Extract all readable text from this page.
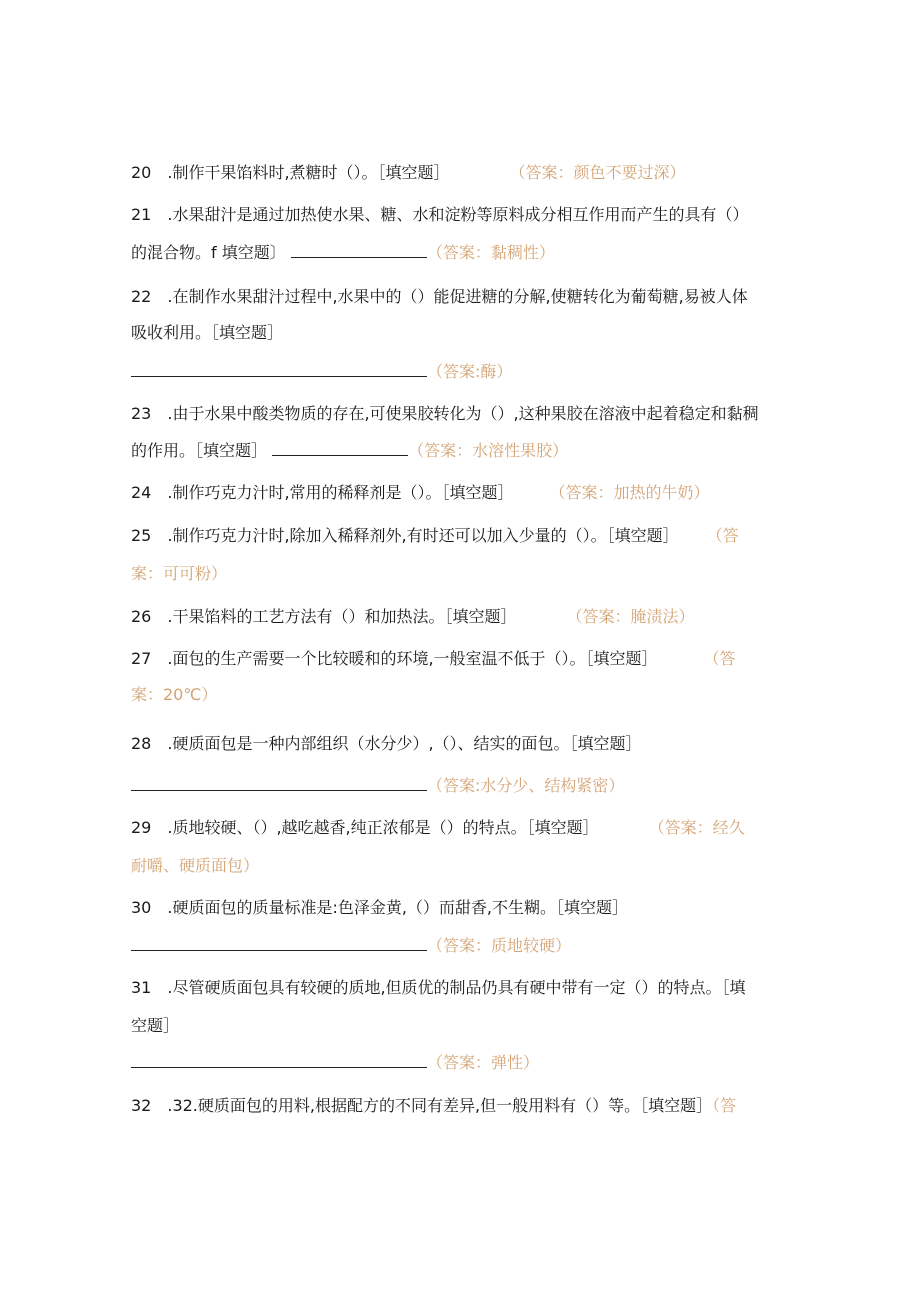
20　.制作干果馅料时,煮糖时（）。［填空题］	（答案：颜色不要过深）
21　.水果甜汁是通过加热使水果、糖、水和淀粉等原料成分相互作用而产生的具有（）
的混合物。f 填空题〕	（答案：黏稠性）
22　.在制作水果甜汁过程中,水果中的（）能促进糖的分解,使糖转化为葡萄糖,易被人体
吸收利用。［填空题］
（答案:酶）
23　.由于水果中酸类物质的存在,可使果胶转化为（）,这种果胶在溶液中起着稳定和黏稠
的作用。［填空题］	（答案：水溶性果胶）
24　.制作巧克力汁时,常用的稀释剂是（）。［填空题］ （答案：加热的牛奶）
25　.制作巧克力汁时,除加入稀释剂外,有时还可以加入少量的（）。［填空题］ （答
案：可可粉）
26　.干果馅料的工艺方法有（）和加热法。［填空题］	（答案：腌渍法）
27　.面包的生产需要一个比较暖和的环境,一般室温不低于（）。［填空题］	（答
案：20℃）
28　.硬质面包是一种内部组织（水分少）,（）、结实的面包。［填空题］
（答案:水分少、结构紧密）
29　.质地较硬、（）,越吃越香,纯正浓郁是（）的特点。［填空题］	（答案：经久
耐嚼、硬质面包）
30　.硬质面包的质量标准是:色泽金黄,（）而甜香,不生糊。［填空题］
（答案：质地较硬）
31　.尽管硬质面包具有较硬的质地,但质优的制品仍具有硬中带有一定（）的特点。［填
空题］
（答案：弹性）
32　.32.硬质面包的用料,根据配方的不同有差异,但一般用料有（）等。［填空题］（答
